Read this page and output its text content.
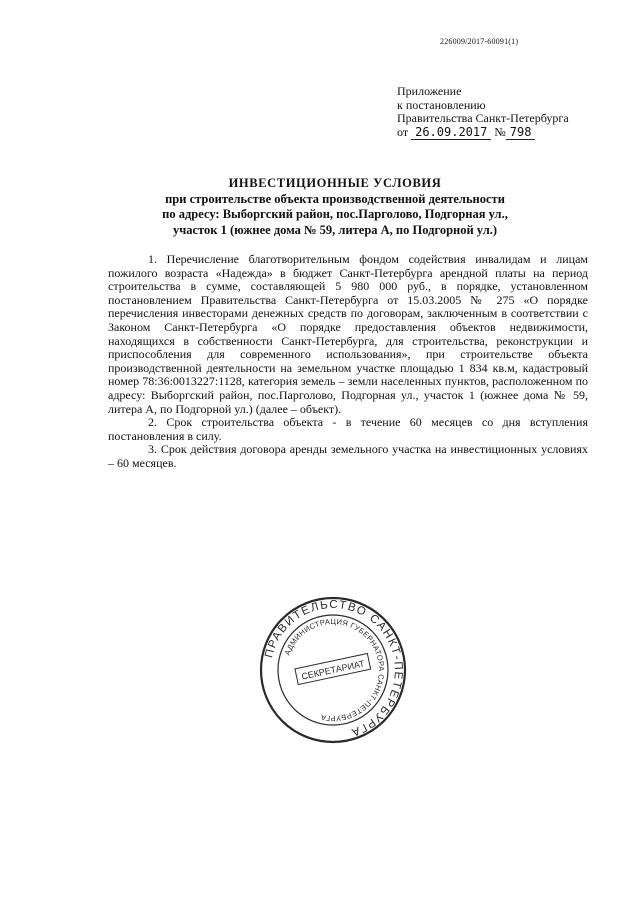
226009/2017-60091(1)
Приложение
к постановлению
Правительства Санкт-Петербурга
от 26.09.2017 № 798
ИНВЕСТИЦИОННЫЕ УСЛОВИЯ
при строительстве объекта производственной деятельности
по адресу: Выборгский район, пос.Парголово, Подгорная ул.,
участок 1 (южнее дома № 59, литера А, по Подгорной ул.)

1. Перечисление благотворительным фондом содействия инвалидам и лицам пожилого возраста «Надежда» в бюджет Санкт-Петербурга арендной платы на период строительства в сумме, составляющей 5 980 000 руб., в порядке, установленном постановлением Правительства Санкт-Петербурга от 15.03.2005 № 275 «О порядке перечисления инвесторами денежных средств по договорам, заключенным в соответствии с Законом Санкт-Петербурга «О порядке предоставления объектов недвижимости, находящихся в собственности Санкт-Петербурга, для строительства, реконструкции и приспособления для современного использования», при строительстве объекта производственной деятельности на земельном участке площадью 1 834 кв.м, кадастровый номер 78:36:0013227:1128, категория земель – земли населенных пунктов, расположенном по адресу: Выборгский район, пос.Парголово, Подгорная ул., участок 1 (южнее дома № 59, литера А, по Подгорной ул.) (далее – объект).

2. Срок строительства объекта - в течение 60 месяцев со дня вступления постановления в силу.

3. Срок действия договора аренды земельного участка на инвестиционных условиях – 60 месяцев.

ПРАВИТЕЛЬСТВО САНКТ-ПЕТЕРБУРГА
АДМИНИСТРАЦИЯ ГУБЕРНАТОРА САНКТ-ПЕТЕРБУРГА
СЕКРЕТАРИАТ
